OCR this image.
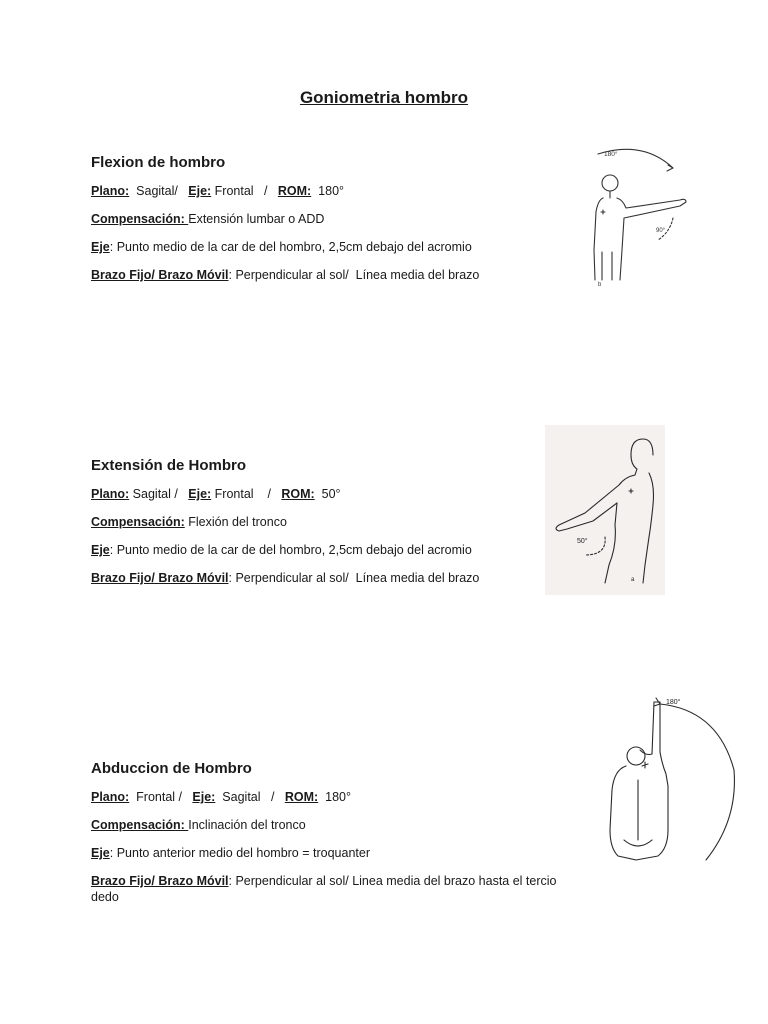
Goniometria hombro
Flexion de hombro
Plano:  Sagital/   Eje: Frontal   /   ROM:  180°
Compensación: Extensión lumbar o ADD
Eje: Punto medio de la car de del hombro, 2,5cm debajo del acromio
Brazo Fijo/ Brazo Móvil: Perpendicular al sol/  Línea media del brazo
180°
90°
b
Extensión de Hombro
Plano: Sagital /   Eje: Frontal    /   ROM:  50°
Compensación: Flexión del tronco
Eje: Punto medio de la car de del hombro, 2,5cm debajo del acromio
Brazo Fijo/ Brazo Móvil: Perpendicular al sol/  Línea media del brazo
50°
a
Abduccion de Hombro
Plano:  Frontal /   Eje:  Sagital   /   ROM:  180°
Compensación: Inclinación del tronco
Eje: Punto anterior medio del hombro = troquanter
Brazo Fijo/ Brazo Móvil: Perpendicular al sol/ Linea media del brazo hasta el tercio dedo
180°
